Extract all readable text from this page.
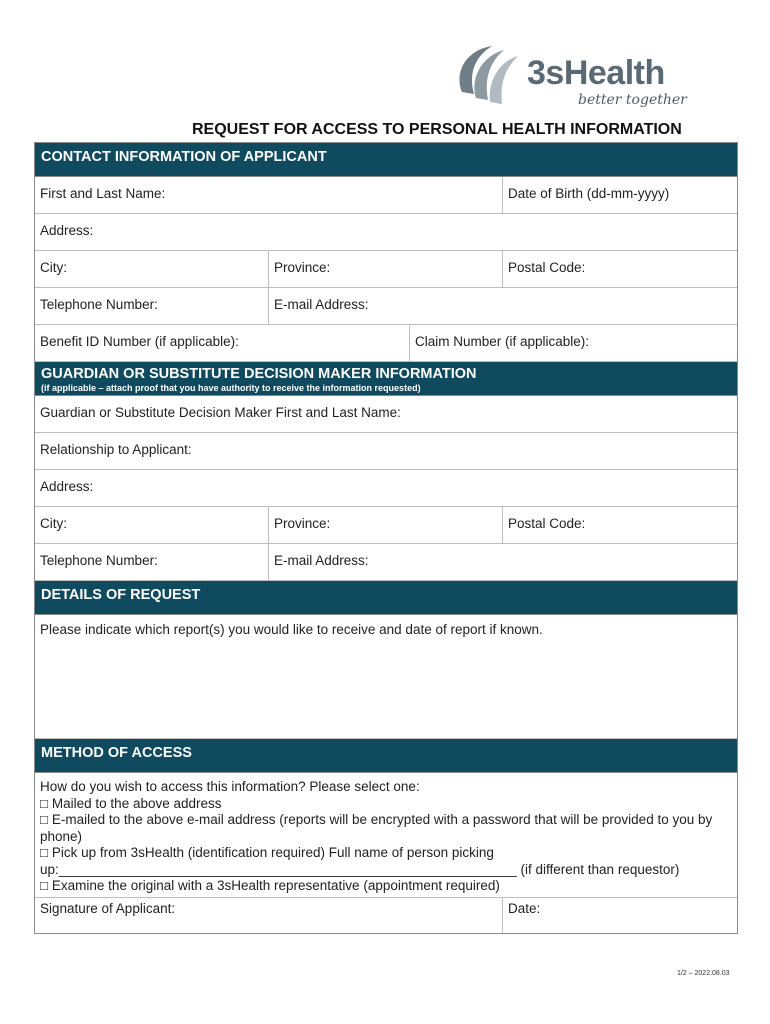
3sHealth
better together
REQUEST FOR ACCESS TO PERSONAL HEALTH INFORMATION
CONTACT INFORMATION OF APPLICANT
First and Last Name:	Date of Birth (dd-mm-yyyy)
Address:
City:	Province:	Postal Code:
Telephone Number:	E-mail Address:
Benefit ID Number (if applicable):	Claim Number (if applicable):
GUARDIAN OR SUBSTITUTE DECISION MAKER INFORMATION
(if applicable – attach proof that you have authority to receive the information requested)
Guardian or Substitute Decision Maker First and Last Name:
Relationship to Applicant:
Address:
City:	Province:	Postal Code:
Telephone Number:	E-mail Address:
DETAILS OF REQUEST
Please indicate which report(s) you would like to receive and date of report if known.
METHOD OF ACCESS
How do you wish to access this information? Please select one:
□ Mailed to the above address
□ E-mailed to the above e-mail address (reports will be encrypted with a password that will be provided to you by
phone)
□ Pick up from 3sHealth (identification required) Full name of person picking
up:_____________________________________________________________ (if different than requestor)
□ Examine the original with a 3sHealth representative (appointment required)
Signature of Applicant:	Date:
1/2 – 2022.08.03
